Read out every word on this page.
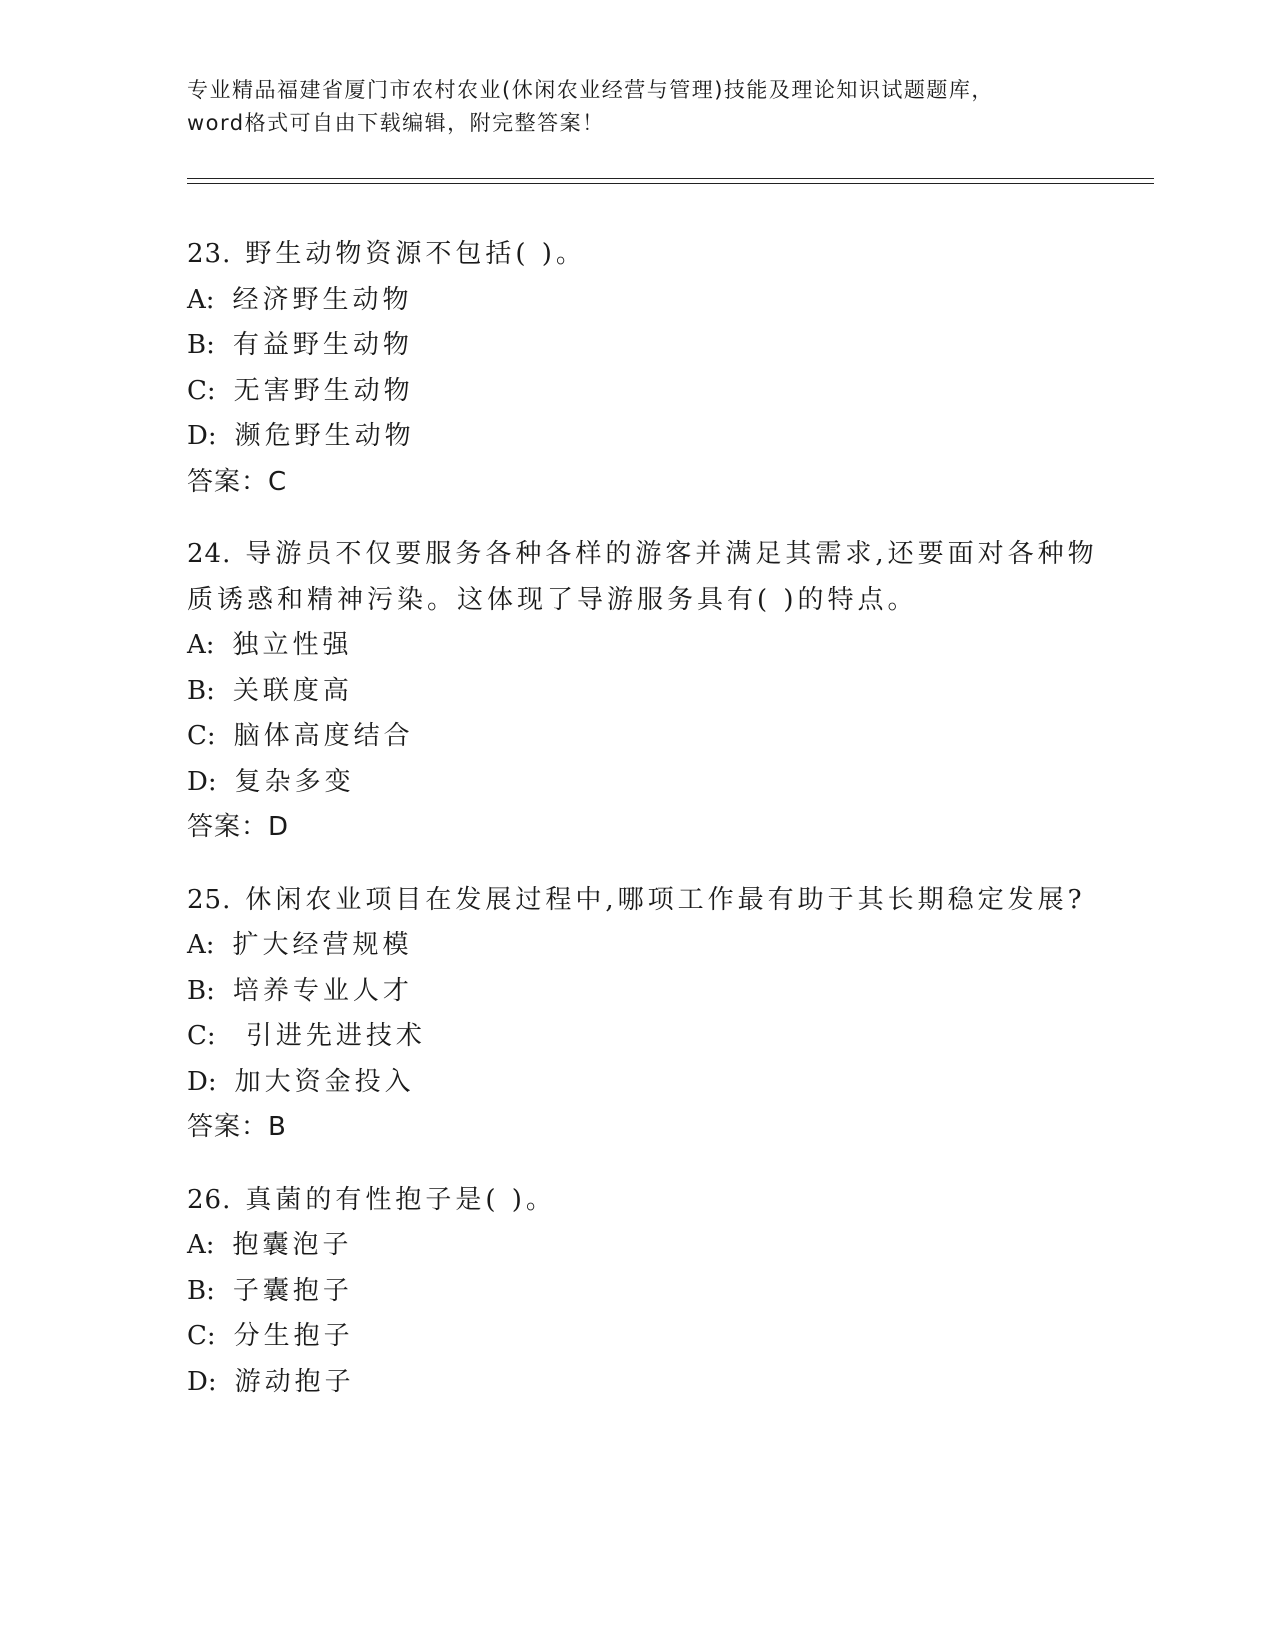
专业精品福建省厦门市农村农业(休闲农业经营与管理)技能及理论知识试题题库，
word格式可自由下载编辑，附完整答案！
23. 野生动物资源不包括( )。
A: 经济野生动物
B: 有益野生动物
C: 无害野生动物
D: 濒危野生动物
答案：C
24. 导游员不仅要服务各种各样的游客并满足其需求,还要面对各种物质诱惑和精神污染。这体现了导游服务具有( )的特点。
A: 独立性强
B: 关联度高
C: 脑体高度结合
D: 复杂多变
答案：D
25. 休闲农业项目在发展过程中,哪项工作最有助于其长期稳定发展?
A: 扩大经营规模
B: 培养专业人才
C: 引进先进技术
D: 加大资金投入
答案：B
26. 真菌的有性抱子是( )。
A: 抱囊泡子
B: 子囊抱子
C: 分生抱子
D: 游动抱子
